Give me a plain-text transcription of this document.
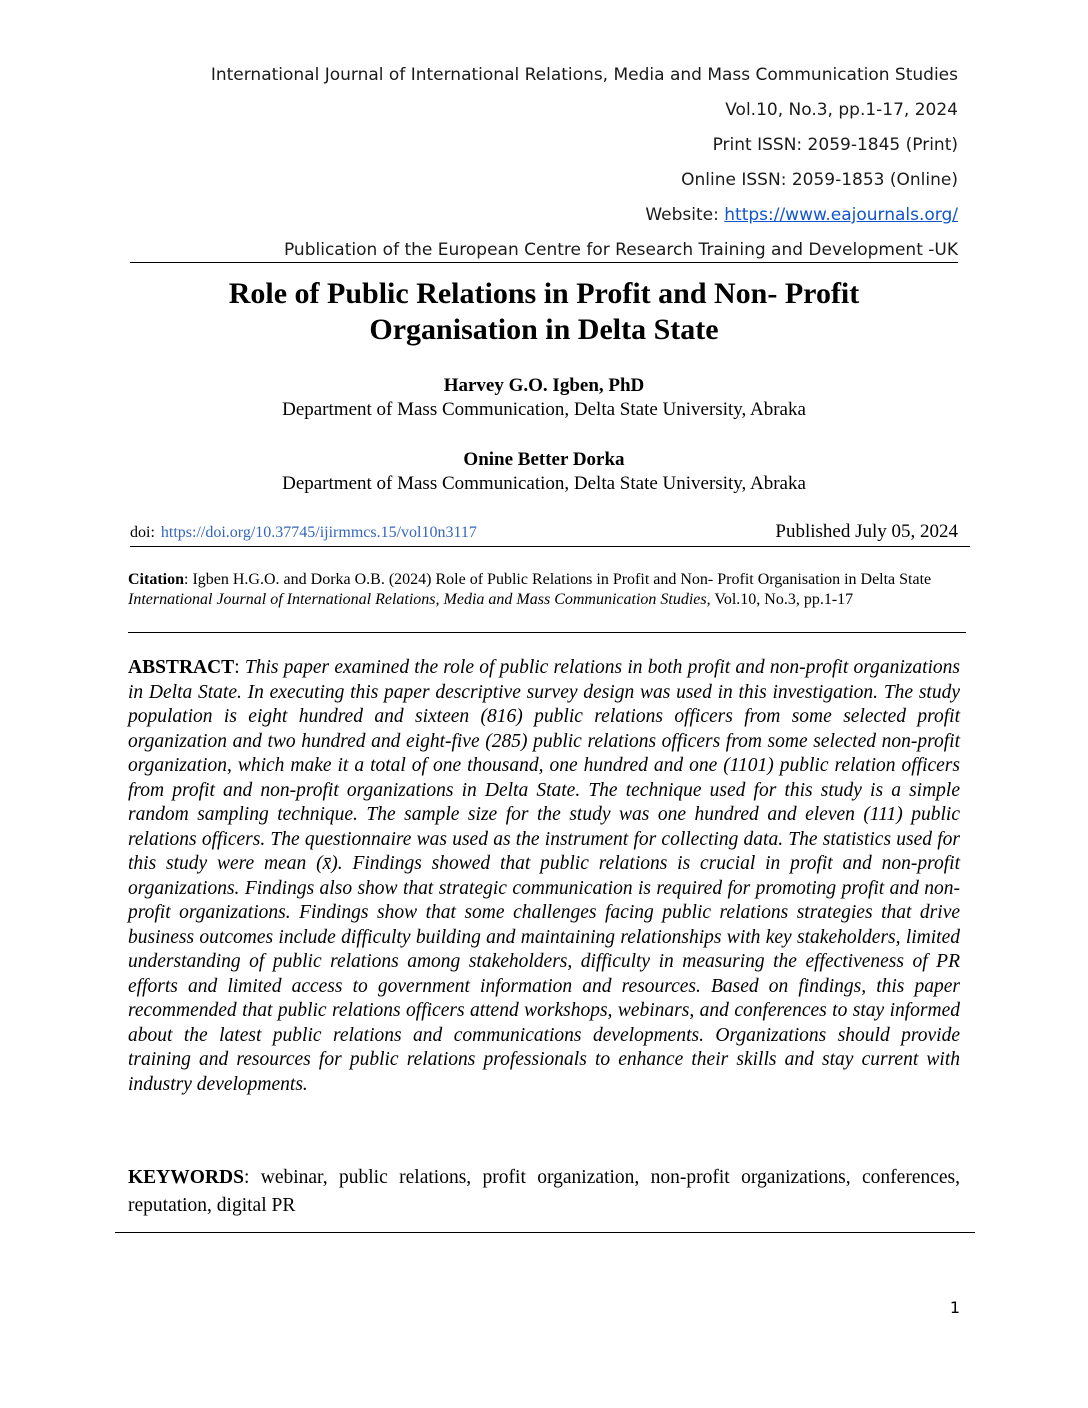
International Journal of International Relations, Media and Mass Communication Studies
Vol.10, No.3, pp.1-17, 2024
Print ISSN: 2059-1845 (Print)
Online ISSN: 2059-1853 (Online)
Website: https://www.eajournals.org/
Publication of the European Centre for Research Training and Development -UK
Role of Public Relations in Profit and Non- Profit
Organisation in Delta State
Harvey G.O. Igben, PhD
Department of Mass Communication, Delta State University, Abraka
Onine Better Dorka
Department of Mass Communication, Delta State University, Abraka
doi: https://doi.org/10.37745/ijirmmcs.15/vol10n3117	Published July 05, 2024
Citation: Igben H.G.O. and Dorka O.B. (2024) Role of Public Relations in Profit and Non- Profit Organisation in Delta State International Journal of International Relations, Media and Mass Communication Studies, Vol.10, No.3, pp.1-17
ABSTRACT: This paper examined the role of public relations in both profit and non-profit organizations in Delta State. In executing this paper descriptive survey design was used in this investigation. The study population is eight hundred and sixteen (816) public relations officers from some selected profit organization and two hundred and eight-five (285) public relations officers from some selected non-profit organization, which make it a total of one thousand, one hundred and one (1101) public relation officers from profit and non-profit organizations in Delta State. The technique used for this study is a simple random sampling technique. The sample size for the study was one hundred and eleven (111) public relations officers. The questionnaire was used as the instrument for collecting data. The statistics used for this study were mean (x̄). Findings showed that public relations is crucial in profit and non-profit organizations. Findings also show that strategic communication is required for promoting profit and non-profit organizations. Findings show that some challenges facing public relations strategies that drive business outcomes include difficulty building and maintaining relationships with key stakeholders, limited understanding of public relations among stakeholders, difficulty in measuring the effectiveness of PR efforts and limited access to government information and resources. Based on findings, this paper recommended that public relations officers attend workshops, webinars, and conferences to stay informed about the latest public relations and communications developments. Organizations should provide training and resources for public relations professionals to enhance their skills and stay current with industry developments.
KEYWORDS: webinar, public relations, profit organization, non-profit organizations, conferences, reputation, digital PR
1
